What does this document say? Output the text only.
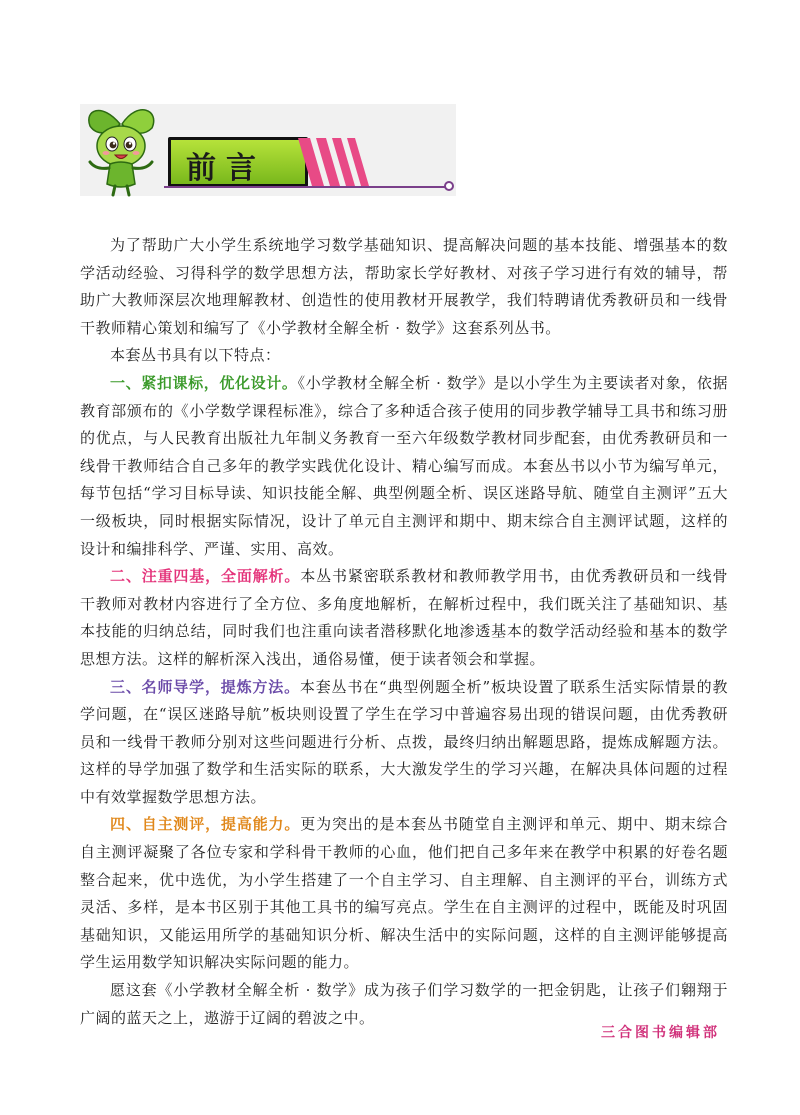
前言

为了帮助广大小学生系统地学习数学基础知识、提高解决问题的基本技能、增强基本的数学活动经验、习得科学的数学思想方法，帮助家长学好教材、对孩子学习进行有效的辅导，帮助广大教师深层次地理解教材、创造性的使用教材开展教学，我们特聘请优秀教研员和一线骨干教师精心策划和编写了《小学教材全解全析 · 数学》这套系列丛书。

本套丛书具有以下特点：

一、紧扣课标，优化设计。《小学教材全解全析 · 数学》是以小学生为主要读者对象，依据教育部颁布的《小学数学课程标准》，综合了多种适合孩子使用的同步教学辅导工具书和练习册的优点，与人民教育出版社九年制义务教育一至六年级数学教材同步配套，由优秀教研员和一线骨干教师结合自己多年的教学实践优化设计、精心编写而成。本套丛书以小节为编写单元，每节包括“学习目标导读、知识技能全解、典型例题全析、误区迷路导航、随堂自主测评”五大一级板块，同时根据实际情况，设计了单元自主测评和期中、期末综合自主测评试题，这样的设计和编排科学、严谨、实用、高效。

二、注重四基，全面解析。本丛书紧密联系教材和教师教学用书，由优秀教研员和一线骨干教师对教材内容进行了全方位、多角度地解析，在解析过程中，我们既关注了基础知识、基本技能的归纳总结，同时我们也注重向读者潜移默化地渗透基本的数学活动经验和基本的数学思想方法。这样的解析深入浅出，通俗易懂，便于读者领会和掌握。

三、名师导学，提炼方法。本套丛书在“典型例题全析”板块设置了联系生活实际情景的教学问题，在“误区迷路导航”板块则设置了学生在学习中普遍容易出现的错误问题，由优秀教研员和一线骨干教师分别对这些问题进行分析、点拨，最终归纳出解题思路，提炼成解题方法。这样的导学加强了数学和生活实际的联系，大大激发学生的学习兴趣，在解决具体问题的过程中有效掌握数学思想方法。

四、自主测评，提高能力。更为突出的是本套丛书随堂自主测评和单元、期中、期末综合自主测评凝聚了各位专家和学科骨干教师的心血，他们把自己多年来在教学中积累的好卷名题整合起来，优中选优，为小学生搭建了一个自主学习、自主理解、自主测评的平台，训练方式灵活、多样，是本书区别于其他工具书的编写亮点。学生在自主测评的过程中，既能及时巩固基础知识，又能运用所学的基础知识分析、解决生活中的实际问题，这样的自主测评能够提高学生运用数学知识解决实际问题的能力。

愿这套《小学教材全解全析 · 数学》成为孩子们学习数学的一把金钥匙，让孩子们翱翔于广阔的蓝天之上，遨游于辽阔的碧波之中。

三合图书编辑部
